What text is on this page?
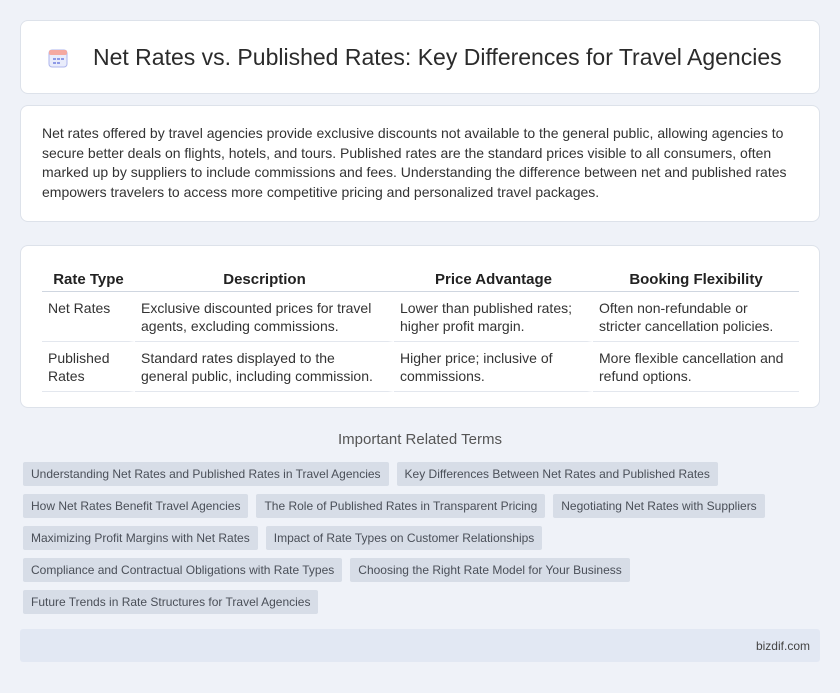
Net Rates vs. Published Rates: Key Differences for Travel Agencies

Net rates offered by travel agencies provide exclusive discounts not available to the general public, allowing agencies to secure better deals on flights, hotels, and tours. Published rates are the standard prices visible to all consumers, often marked up by suppliers to include commissions and fees. Understanding the difference between net and published rates empowers travelers to access more competitive pricing and personalized travel packages.

Rate Type	Description	Price Advantage	Booking Flexibility
Net Rates	Exclusive discounted prices for travel agents, excluding commissions.	Lower than published rates; higher profit margin.	Often non-refundable or stricter cancellation policies.
Published Rates	Standard rates displayed to the general public, including commission.	Higher price; inclusive of commissions.	More flexible cancellation and refund options.
Important Related Terms
Understanding Net Rates and Published Rates in Travel Agencies	Key Differences Between Net Rates and Published Rates
How Net Rates Benefit Travel Agencies	The Role of Published Rates in Transparent Pricing	Negotiating Net Rates with Suppliers
Maximizing Profit Margins with Net Rates	Impact of Rate Types on Customer Relationships
Compliance and Contractual Obligations with Rate Types	Choosing the Right Rate Model for Your Business
Future Trends in Rate Structures for Travel Agencies
bizdif.com
